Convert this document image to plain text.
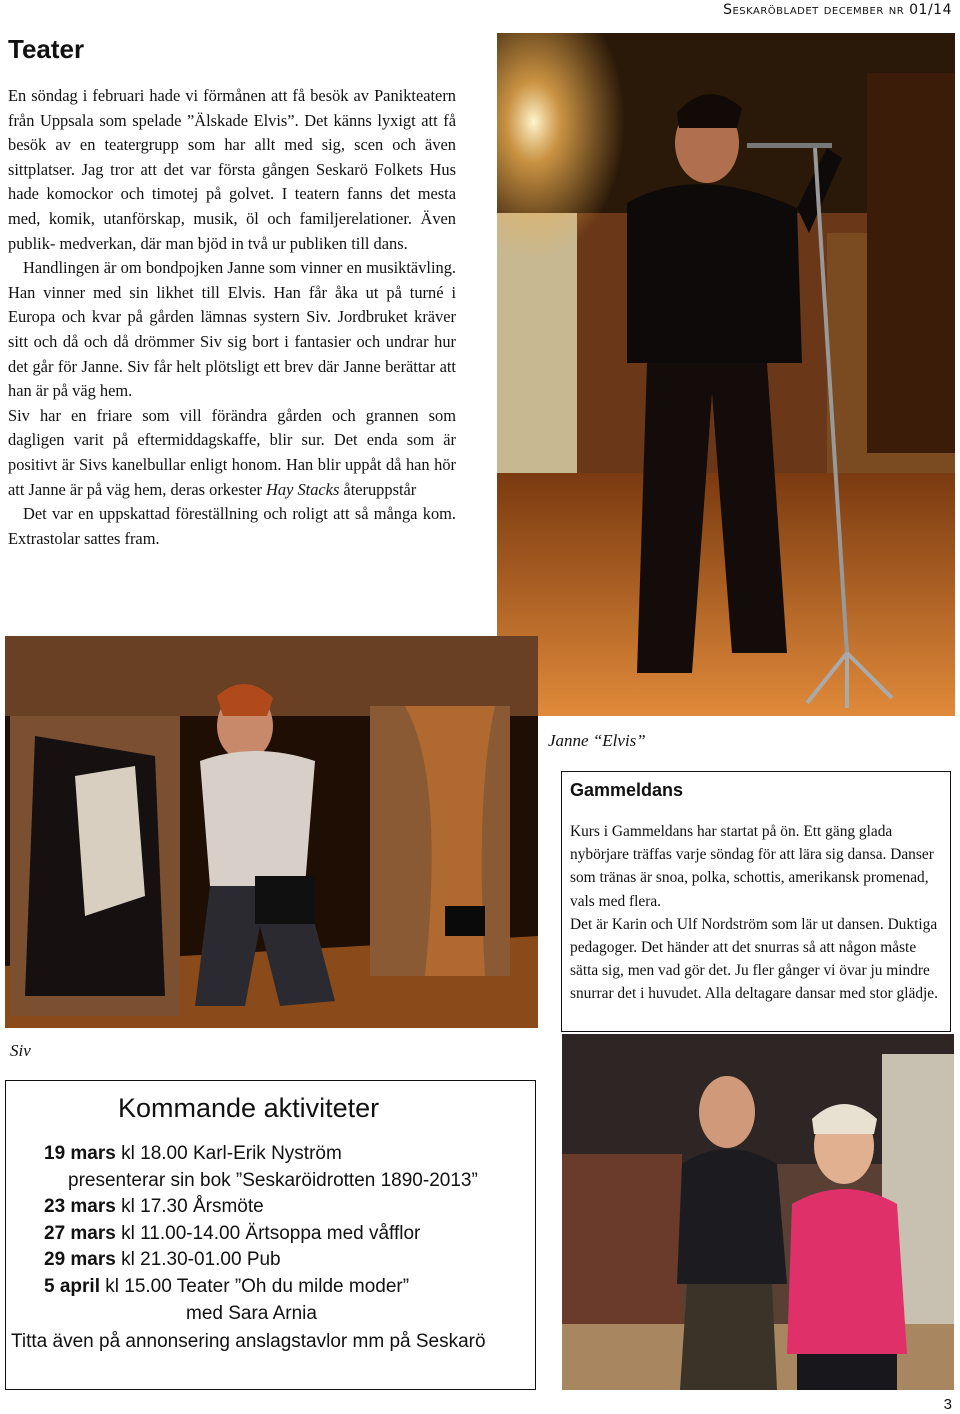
Seskaröbladet december nr 01/14
Teater

En söndag i februari hade vi förmånen att få besök av Panikteatern från Uppsala som spelade ”Älskade Elvis”. Det känns lyxigt att få besök av en teatergrupp som har allt med sig, scen och även sittplatser. Jag tror att det var första gången Seskarö Folkets Hus hade komockor och timotej på golvet. I teatern fanns det mesta med, komik, utanförskap, musik, öl och familjerelationer. Även publik- medverkan, där man bjöd in två ur publiken till dans.

Handlingen är om bondpojken Janne som vinner en musiktävling. Han vinner med sin likhet till Elvis. Han får åka ut på turné i Europa och kvar på gården lämnas systern Siv. Jordbruket kräver sitt och då och då drömmer Siv sig bort i fantasier och undrar hur det går för Janne. Siv får helt plötsligt ett brev där Janne berättar att han är på väg hem.

Siv har en friare som vill förändra gården och grannen som dagligen varit på eftermiddagskaffe, blir sur. Det enda som är positivt är Sivs kanelbullar enligt honom. Han blir uppåt då han hör att Janne är på väg hem, deras orkester Hay Stacks återuppstår

Det var en uppskattad föreställning och roligt att så många kom. Extrastolar sattes fram.

Janne “Elvis”
Siv
Gammeldans

Kurs i Gammeldans har startat på ön. Ett gäng glada nybörjare träffas varje söndag för att lära sig dansa. Danser som tränas är snoa, polka, schottis, amerikansk promenad, vals med flera.

Det är Karin och Ulf Nordström som lär ut dansen. Duktiga pedagoger. Det händer att det snurras så att någon måste sätta sig, men vad gör det. Ju fler gånger vi övar ju mindre snurrar det i huvudet. Alla deltagare dansar med stor glädje.

Kommande aktiviteter
19 mars kl 18.00 Karl-Erik Nyström
presenterar sin bok ”Seskaröidrotten 1890-2013”
23 mars kl 17.30 Årsmöte
27 mars kl 11.00-14.00 Ärtsoppa med våfflor
29 mars kl 21.30-01.00 Pub
5 april kl 15.00 Teater ”Oh du milde moder”
med Sara Arnia
Titta även på annonsering anslagstavlor mm på Seskarö
3
